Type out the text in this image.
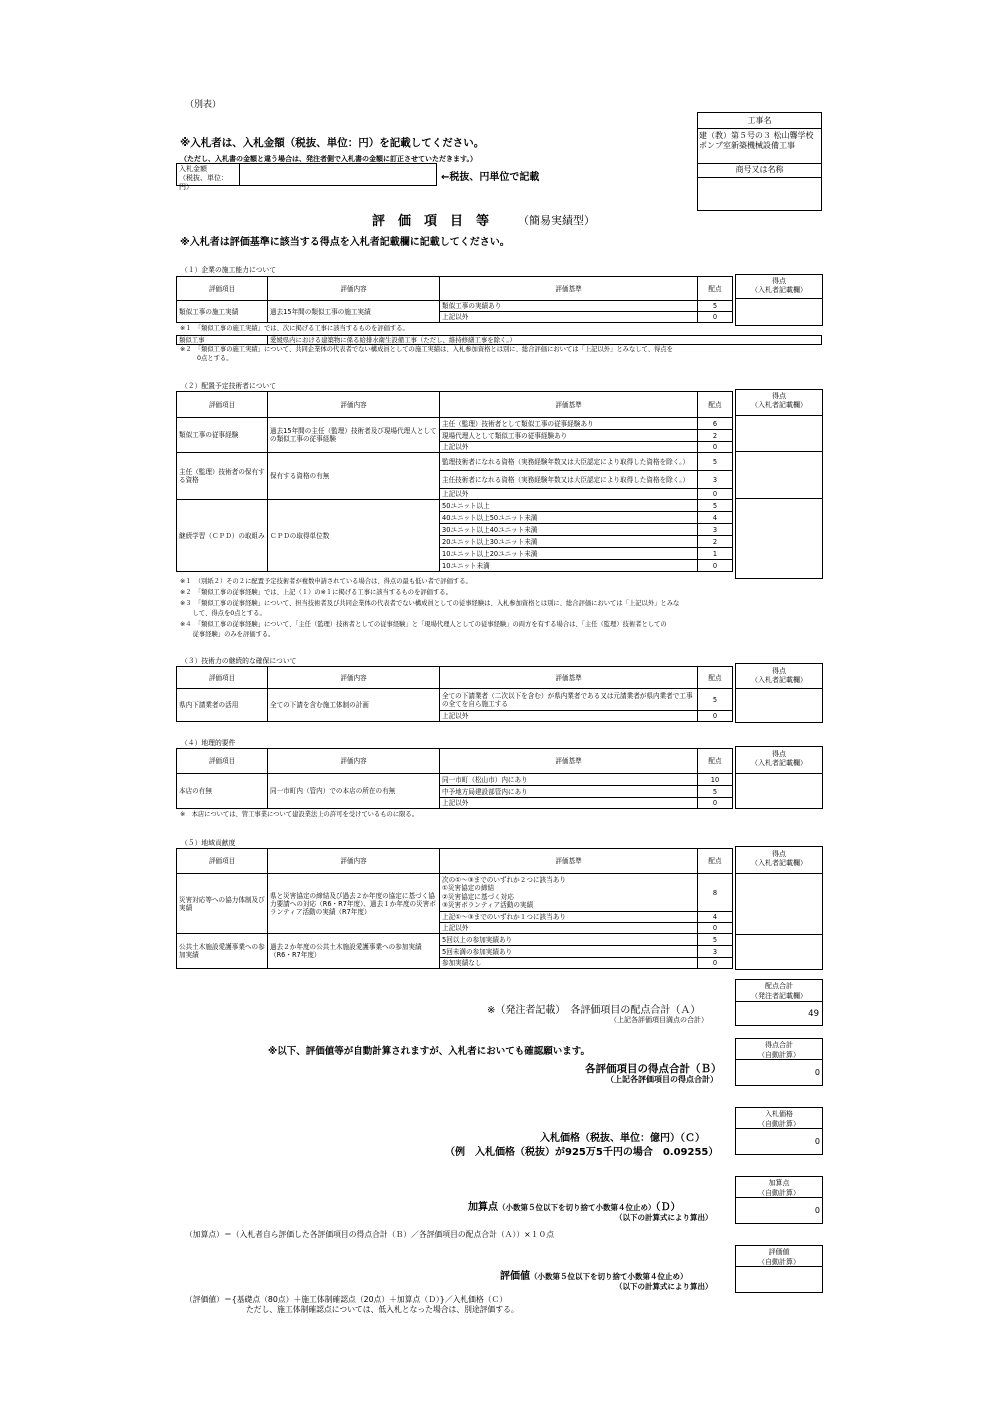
（別表）
※入札者は、入札金額（税抜、単位：円）を記載してください。
（ただし、入札書の金額と違う場合は、発注者側で入札書の金額に訂正させていただきます。）
入札金額
（税抜、単位：円）
←税抜、円単位で記載
工事名
建（教）第５号の３ 松山聾学校ポンプ室新築機械設備工事
商号又は名称
評　価　項　目　等	（簡易実績型）
※入札者は評価基準に該当する得点を入札者記載欄に記載してください。
（１）企業の施工能力について
評価項目	評価内容	評価基準	配点
類似工事の施工実績	過去15年間の類似工事の施工実績	類似工事の実績あり	5
		上記以外	0
得点
（入札者記載欄）
※１　「類似工事の施工実績」では、次に掲げる工事に該当するものを評価する。
類似工事	愛媛県内における建築物に係る給排水衛生設備工事（ただし、維持修繕工事を除く。）
※２　「類似工事の施工実績」について、共同企業体の代表者でない構成員としての施工実績は、入札参加資格とは別に、総合評価においては「上記以外」とみなして、得点を
0点とする。
（２）配置予定技術者について
評価項目	評価内容	評価基準	配点
類似工事の従事経験	過去15年間の主任（監理）技術者及び現場代理人としての類似工事の従事経験	主任（監理）技術者として類似工事の従事経験あり	6
		現場代理人として類似工事の従事経験あり	2
		上記以外	0
主任（監理）技術者の保有する資格	保有する資格の有無	監理技術者になれる資格（実務経験年数又は大臣認定により取得した資格を除く。）	5
		主任技術者になれる資格（実務経験年数又は大臣認定により取得した資格を除く。）	3
		上記以外	0
継続学習（ＣＰＤ）の取組み	ＣＰＤの取得単位数	50ユニット以上	5
		40ユニット以上50ユニット未満	4
		30ユニット以上40ユニット未満	3
		20ユニット以上30ユニット未満	2
		10ユニット以上20ユニット未満	1
		10ユニット未満	0
得点
（入札者記載欄）
※１　（別紙２）その２に配置予定技術者が複数申請されている場合は、得点の最も低い者で評価する。
※２　「類似工事の従事経験」では、上記（１）の※１に掲げる工事に該当するものを評価する。
※３　「類似工事の従事経験」について、担当技術者及び共同企業体の代表者でない構成員としての従事経験は、入札参加資格とは別に、総合評価においては「上記以外」とみな
　　して、得点を0点とする。
※４　「類似工事の従事経験」について、「主任（監理）技術者としての従事経験」と「現場代理人としての従事経験」の両方を有する場合は、「主任（監理）技術者としての
　　従事経験」のみを評価する。
（３）技術力の継続的な確保について
評価項目	評価内容	評価基準	配点
県内下請業者の活用	全ての下請を含む施工体制の計画	全ての下請業者（二次以下を含む）が県内業者である又は元請業者が県内業者で工事の全てを自ら施工する	5
		上記以外	0
得点
（入札者記載欄）
（４）地理的要件
評価項目	評価内容	評価基準	配点
本店の有無	同一市町内（管内）での本店の所在の有無	同一市町（松山市）内にあり	10
		中予地方局建設部管内にあり	5
		上記以外	0
得点
（入札者記載欄）
※　本店については、管工事業について建設業法上の許可を受けているものに限る。
（５）地域貢献度
評価項目	評価内容	評価基準	配点
災害対応等への協力体制及び実績	県と災害協定の締結及び過去２か年度の協定に基づく協力要請への対応（R6・R7年度）、過去１か年度の災害ボランティア活動の実績（R7年度）	次の①～③までのいずれか２つに該当あり
①災害協定の締結
②災害協定に基づく対応
③災害ボランティア活動の実績	8
		上記①～③までのいずれか１つに該当あり	4
		上記以外	0
公共土木施設愛護事業への参加実績	過去２か年度の公共土木施設愛護事業への参加実績（R6・R7年度）	5回以上の参加実績あり	5
		5回未満の参加実績あり	3
		参加実績なし	0
得点
（入札者記載欄）
配点合計
（発注者記載欄）
49
※（発注者記載）　各評価項目の配点合計（Ａ）
（上記各評価項目満点の合計）
※以下、評価値等が自動計算されますが、入札者においても確認願います。
得点合計
（自動計算）
0
各評価項目の得点合計（Ｂ）
（上記各評価項目の得点合計）
入札価格
（自動計算）
0
入札価格（税抜、単位：億円）（Ｃ）
（例　入札価格（税抜）が925万5千円の場合　0.09255）
加算点
（自動計算）
0
加算点（小数第５位以下を切り捨て小数第４位止め）（Ｄ）
（以下の計算式により算出）
（加算点）＝（入札者自ら評価した各評価項目の得点合計（Ｂ）／各評価項目の配点合計（Ａ））×１０点
評価値
（自動計算）
評価値（小数第５位以下を切り捨て小数第４位止め）
（以下の計算式により算出）
（評価値）＝{基礎点（80点）＋施工体制確認点（20点）＋加算点（Ｄ）}／入札価格（Ｃ）
ただし、施工体制確認点については、低入札となった場合は、別途評価する。
